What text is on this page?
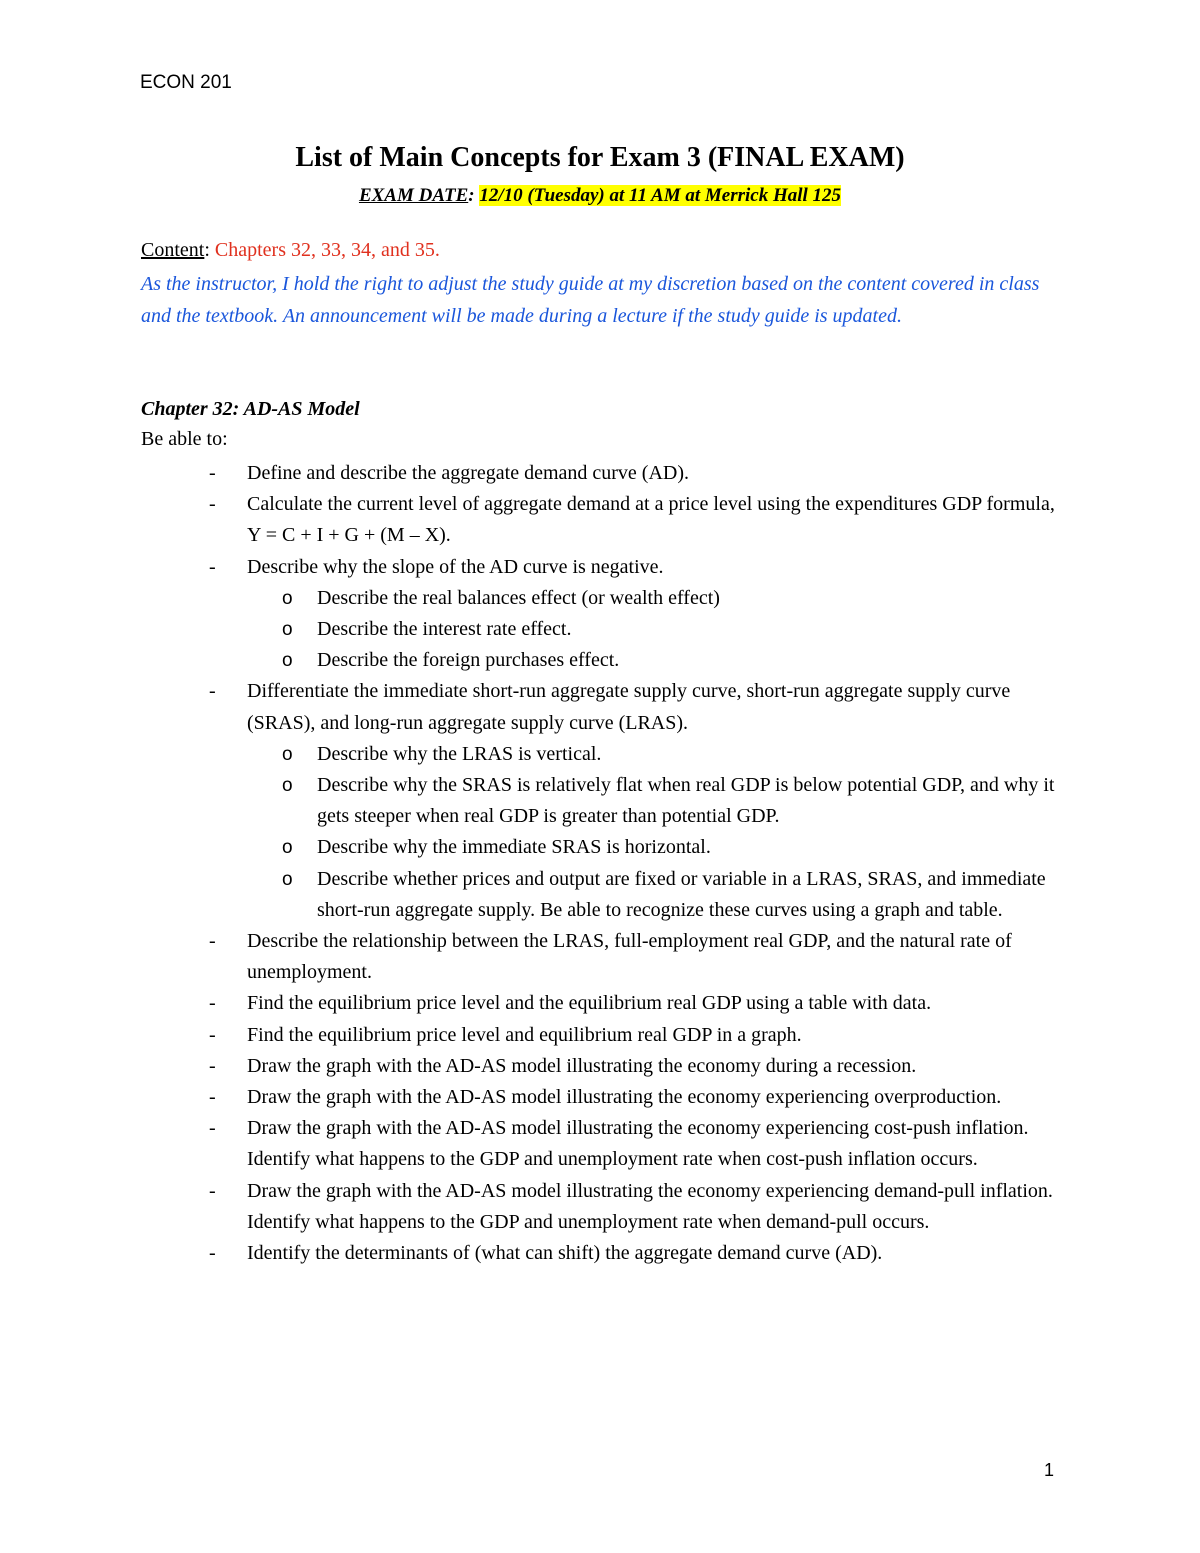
ECON 201

List of Main Concepts for Exam 3 (FINAL EXAM)

EXAM DATE: 12/10 (Tuesday) at 11 AM at Merrick Hall 125

Content: Chapters 32, 33, 34, and 35.

As the instructor, I hold the right to adjust the study guide at my discretion based on the content covered in class and the textbook. An announcement will be made during a lecture if the study guide is updated.

Chapter 32: AD-AS Model

Be able to:

- Define and describe the aggregate demand curve (AD).

- Calculate the current level of aggregate demand at a price level using the expenditures GDP formula, Y = C + I + G + (M – X).

- Describe why the slope of the AD curve is negative.

o Describe the real balances effect (or wealth effect)

o Describe the interest rate effect.

o Describe the foreign purchases effect.

- Differentiate the immediate short-run aggregate supply curve, short-run aggregate supply curve (SRAS), and long-run aggregate supply curve (LRAS).

o Describe why the LRAS is vertical.

o Describe why the SRAS is relatively flat when real GDP is below potential GDP, and why it gets steeper when real GDP is greater than potential GDP.

o Describe why the immediate SRAS is horizontal.

o Describe whether prices and output are fixed or variable in a LRAS, SRAS, and immediate short-run aggregate supply. Be able to recognize these curves using a graph and table.

- Describe the relationship between the LRAS, full-employment real GDP, and the natural rate of unemployment.

- Find the equilibrium price level and the equilibrium real GDP using a table with data.

- Find the equilibrium price level and equilibrium real GDP in a graph.

- Draw the graph with the AD-AS model illustrating the economy during a recession.

- Draw the graph with the AD-AS model illustrating the economy experiencing overproduction.

- Draw the graph with the AD-AS model illustrating the economy experiencing cost-push inflation. Identify what happens to the GDP and unemployment rate when cost-push inflation occurs.

- Draw the graph with the AD-AS model illustrating the economy experiencing demand-pull inflation. Identify what happens to the GDP and unemployment rate when demand-pull occurs.

- Identify the determinants of (what can shift) the aggregate demand curve (AD).

1
